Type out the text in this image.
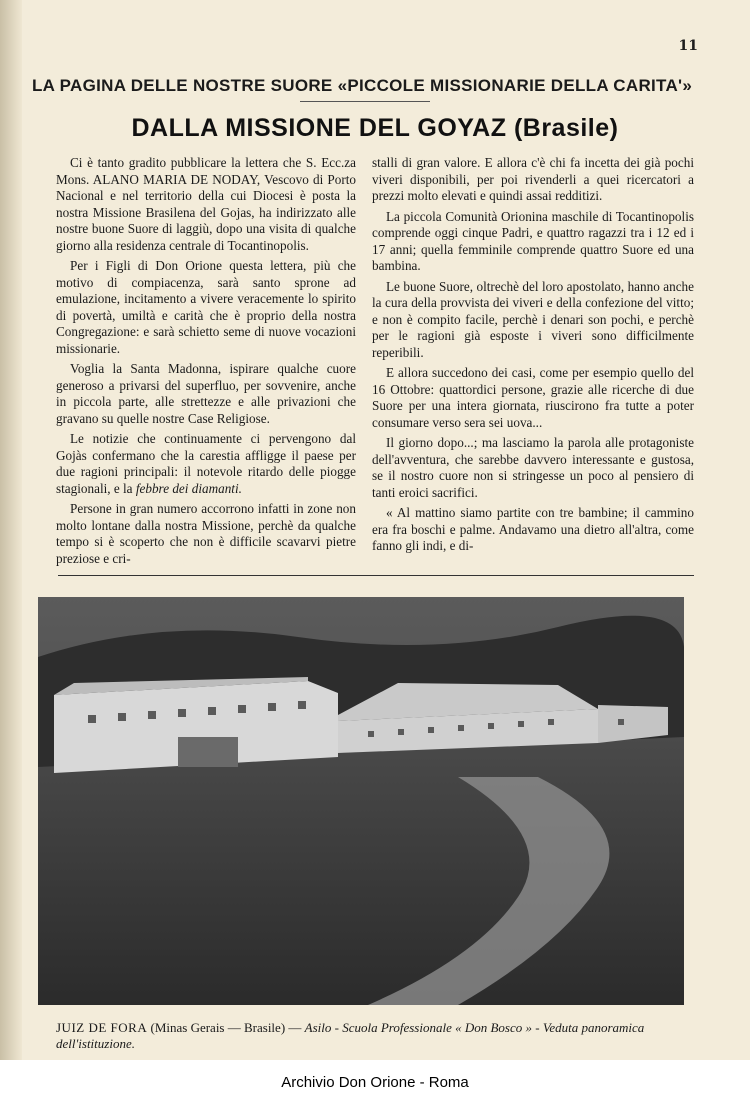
11
LA PAGINA DELLE NOSTRE SUORE «PICCOLE MISSIONARIE DELLA CARITA'»
DALLA MISSIONE DEL GOYAZ (Brasile)

Ci è tanto gradito pubblicare la lettera che S. Ecc.za Mons. ALANO MARIA DE NODAY, Vescovo di Porto Nacional e nel territorio della cui Diocesi è posta la nostra Missione Brasilena del Gojas, ha indirizzato alle nostre buone Suore di laggiù, dopo una visita di qualche giorno alla residenza centrale di Tocantinopolis.

Per i Figli di Don Orione questa lettera, più che motivo di compiacenza, sarà santo sprone ad emulazione, incitamento a vivere veracemente lo spirito di povertà, umiltà e carità che è proprio della nostra Congregazione: e sarà schietto seme di nuove vocazioni missionarie.

Voglia la Santa Madonna, ispirare qualche cuore generoso a privarsi del superfluo, per sovvenire, anche in piccola parte, alle strettezze e alle privazioni che gravano su quelle nostre Case Religiose.

Le notizie che continuamente ci pervengono dal Gojàs confermano che la carestia affligge il paese per due ragioni principali: il notevole ritardo delle piogge stagionali, e la febbre dei diamanti.

Persone in gran numero accorrono infatti in zone non molto lontane dalla nostra Missione, perchè da qualche tempo si è scoperto che non è difficile scavarvi pietre preziose e cri-

stalli di gran valore. E allora c'è chi fa incetta dei già pochi viveri disponibili, per poi rivenderli a quei ricercatori a prezzi molto elevati e quindi assai redditizi.

La piccola Comunità Orionina maschile di Tocantinopolis comprende oggi cinque Padri, e quattro ragazzi tra i 12 ed i 17 anni; quella femminile comprende quattro Suore ed una bambina.

Le buone Suore, oltrechè del loro apostolato, hanno anche la cura della provvista dei viveri e della confezione del vitto; e non è compito facile, perchè i denari son pochi, e perchè per le ragioni già esposte i viveri sono difficilmente reperibili.

E allora succedono dei casi, come per esempio quello del 16 Ottobre: quattordici persone, grazie alle ricerche di due Suore per una intera giornata, riuscirono fra tutte a poter consumare verso sera sei uova...

Il giorno dopo...; ma lasciamo la parola alle protagoniste dell'avventura, che sarebbe davvero interessante e gustosa, se il nostro cuore non si stringesse un poco al pensiero di tanti eroici sacrifici.

« Al mattino siamo partite con tre bambine; il cammino era fra boschi e palme. Andavamo una dietro all'altra, come fanno gli indi, e di-

JUIZ DE FORA (Minas Gerais — Brasile) — Asilo - Scuola Professionale « Don Bosco » - Veduta panoramica dell'istituzione.
Archivio Don Orione - Roma
